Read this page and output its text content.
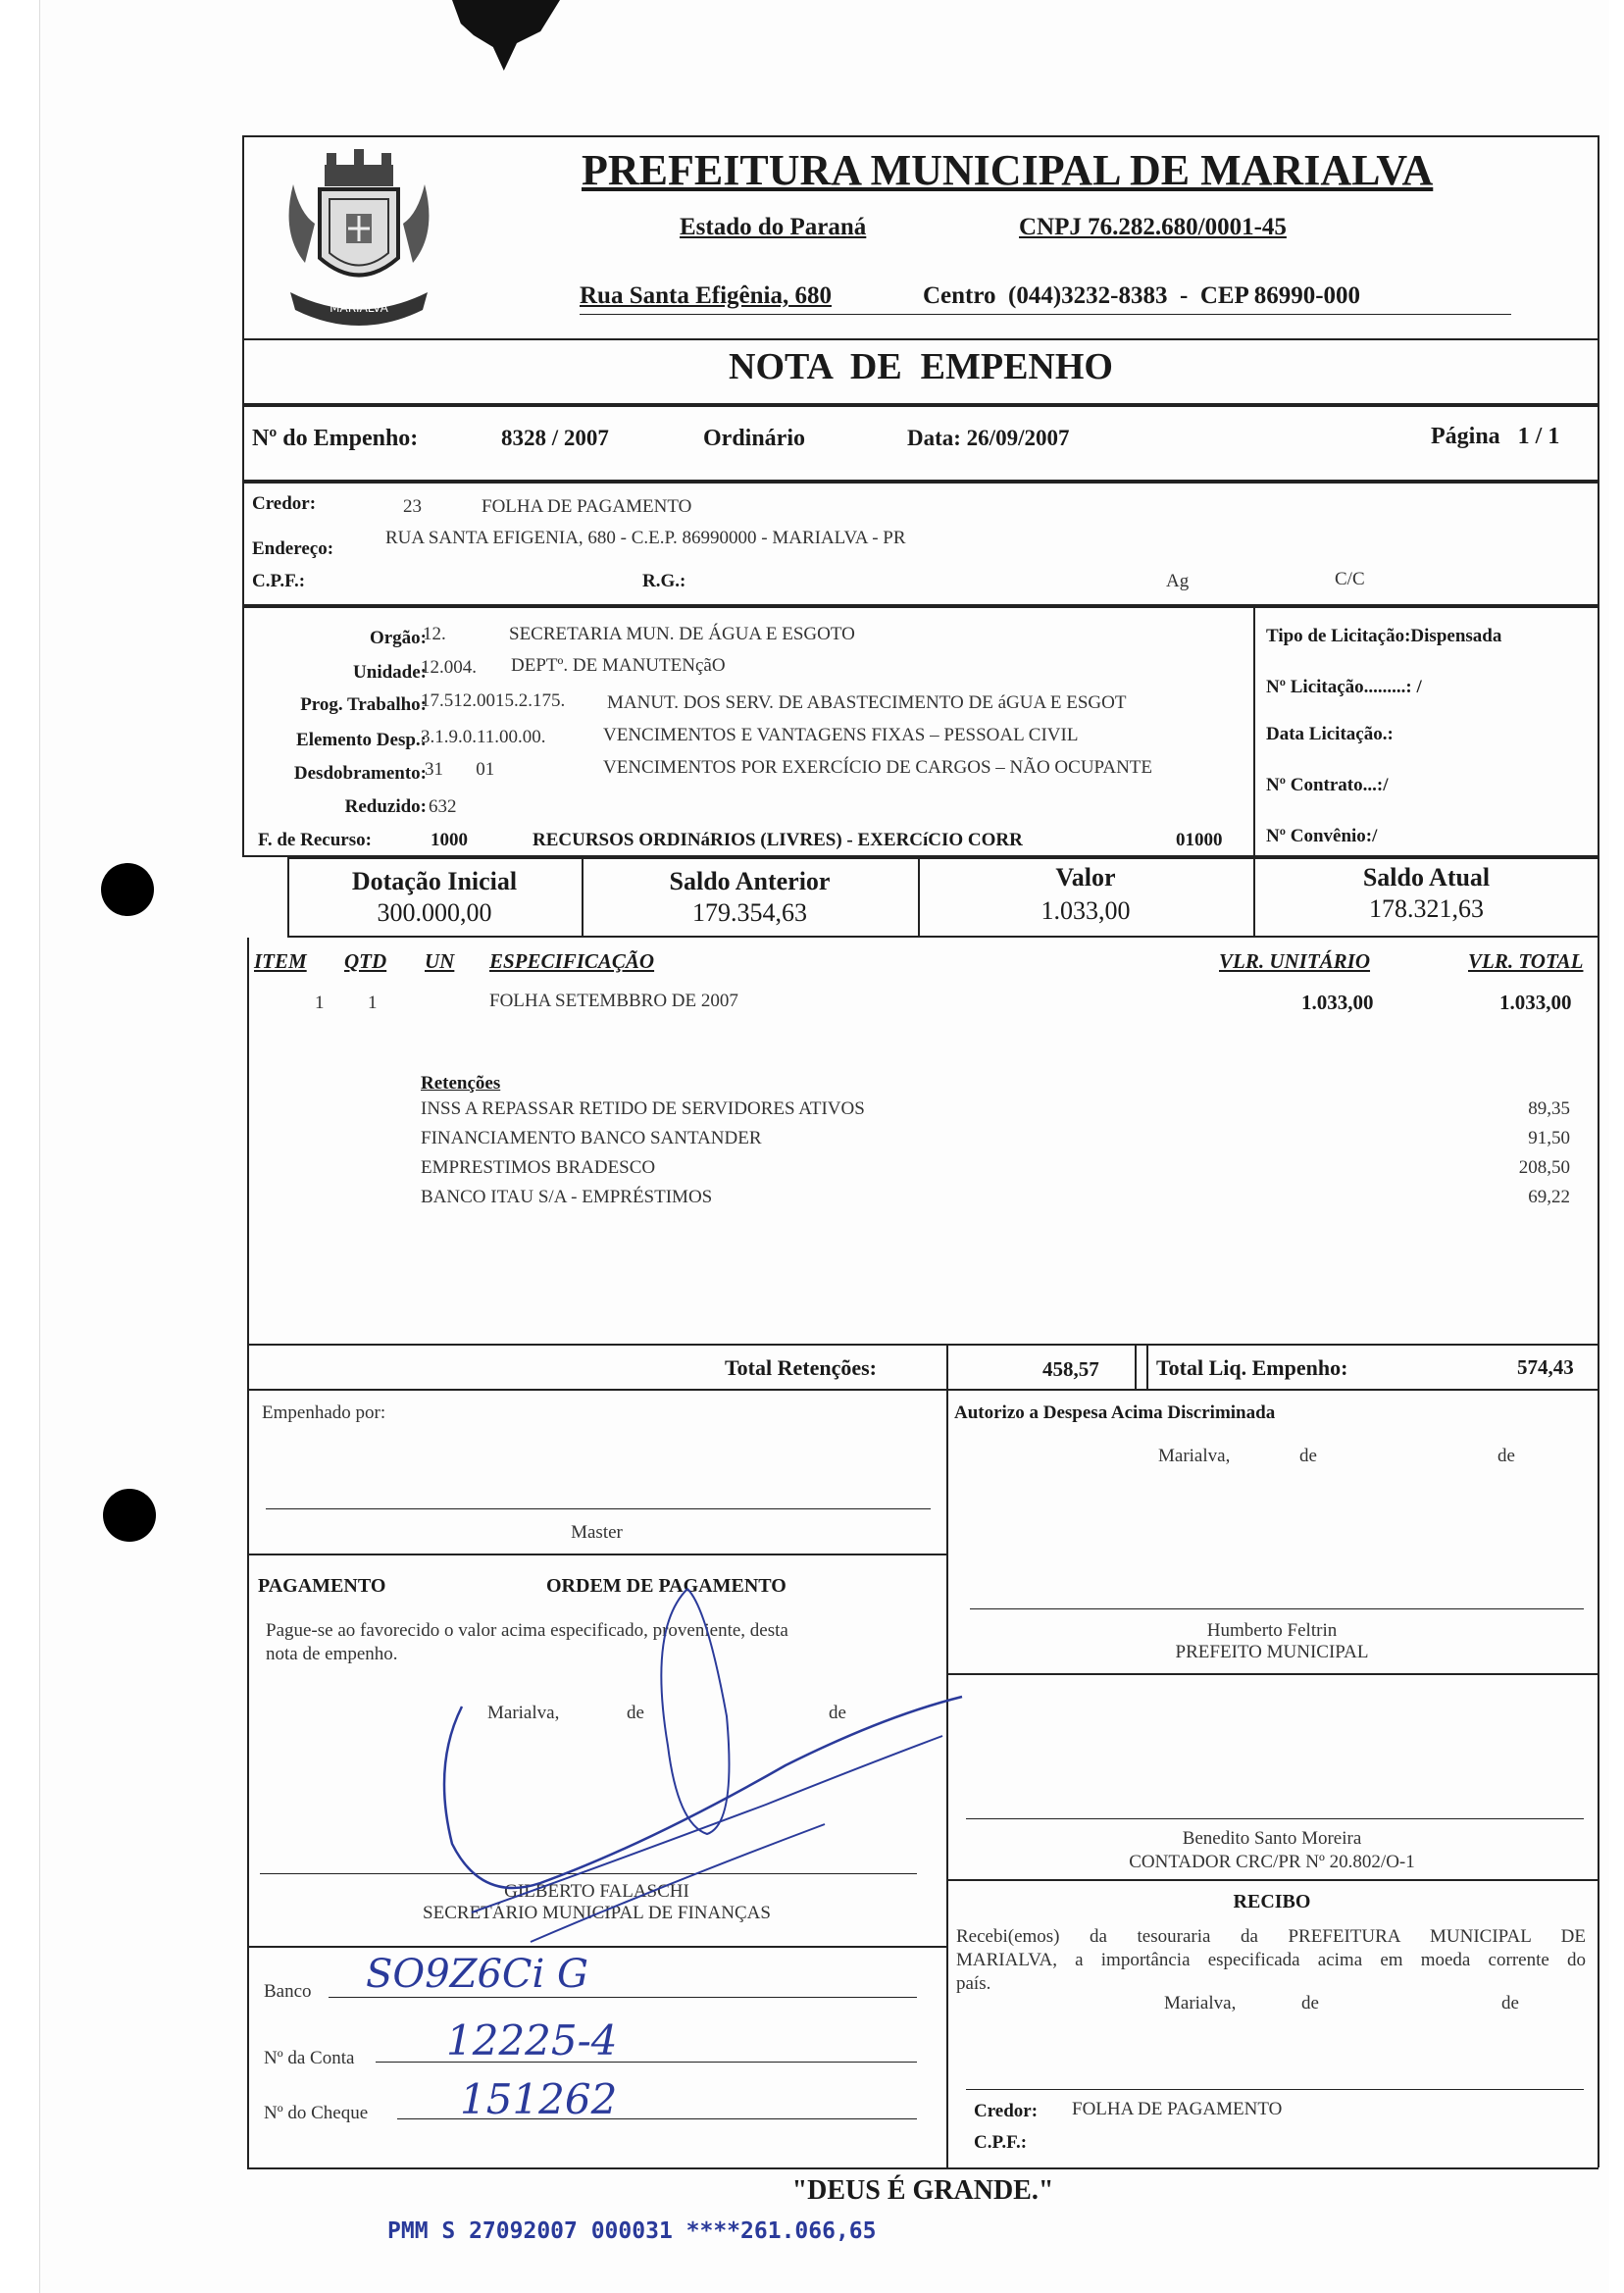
MARIALVA
PREFEITURA MUNICIPAL DE MARIALVA
Estado do Paraná	CNPJ 76.282.680/0001-45
Rua Santa Efigênia, 680	Centro  (044)3232-8383  -  CEP 86990-000
NOTA  DE  EMPENHO
Nº do Empenho:	8328 / 2007	Ordinário	Data: 26/09/2007	Página   1 / 1
Credor:	23	FOLHA DE PAGAMENTO
Endereço:
RUA SANTA EFIGENIA, 680 - C.E.P. 86990000 - MARIALVA - PR
C.P.F.:	R.G.:	Ag	C/C
Orgão:
12.	SECRETARIA MUN. DE ÁGUA E ESGOTO
Unidade:
12.004. DEPTº. DE MANUTENçãO
Prog. Trabalho:
17.512.0015.2.175. MANUT. DOS SERV. DE ABASTECIMENTO DE áGUA E ESGOT
Elemento Desp.:
3.1.9.0.11.00.00.	VENCIMENTOS E VANTAGENS FIXAS – PESSOAL CIVIL
Desdobramento:
31       01	VENCIMENTOS POR EXERCÍCIO DE CARGOS – NÃO OCUPANTE
Reduzido: 632
F. de Recurso:	1000	RECURSOS ORDINáRIOS (LIVRES) - EXERCíCIO CORR	01000
Tipo de Licitação:Dispensada
Nº Licitação.........: /
Data Licitação.:
Nº Contrato...:/
Nº Convênio:/
Dotação Inicial
300.000,00
Saldo Anterior
179.354,63
Valor
1.033,00
Saldo Atual
178.321,63
ITEM QTD UN ESPECIFICAÇÃO	VLR. UNITÁRIO	VLR. TOTAL
1 1	FOLHA SETEMBBRO DE 2007	1.033,00	1.033,00
Retenções
INSS A REPASSAR RETIDO DE SERVIDORES ATIVOS	89,35
FINANCIAMENTO BANCO SANTANDER	91,50
EMPRESTIMOS BRADESCO	208,50
BANCO ITAU S/A - EMPRÉSTIMOS	69,22
Total Retenções:	458,57	Total Liq. Empenho:	574,43
Empenhado por:
Master
Autorizo a Despesa Acima Discriminada
Marialva,	de	de
Humberto Feltrin
PREFEITO MUNICIPAL
PAGAMENTO	ORDEM DE PAGAMENTO
Pague-se ao favorecido o valor acima especificado, proveniente, desta
nota de empenho.
Marialva,	de	de
GILBERTO FALASCHI
SECRETÁRIO MUNICIPAL DE FINANÇAS
Benedito Santo Moreira
CONTADOR CRC/PR Nº 20.802/O-1
Banco SO9Z6Ci G
Nº da Conta 12225-4
Nº do Cheque 151262
RECIBO
Recebi(emos) da tesouraria da PREFEITURA MUNICIPAL DE
MARIALVA, a importância especificada acima em moeda corrente do
país.
Marialva,	de	de
Credor: FOLHA DE PAGAMENTO
C.P.F.:
"DEUS É GRANDE."
PMM S 27092007 000031 ****261.066,65
